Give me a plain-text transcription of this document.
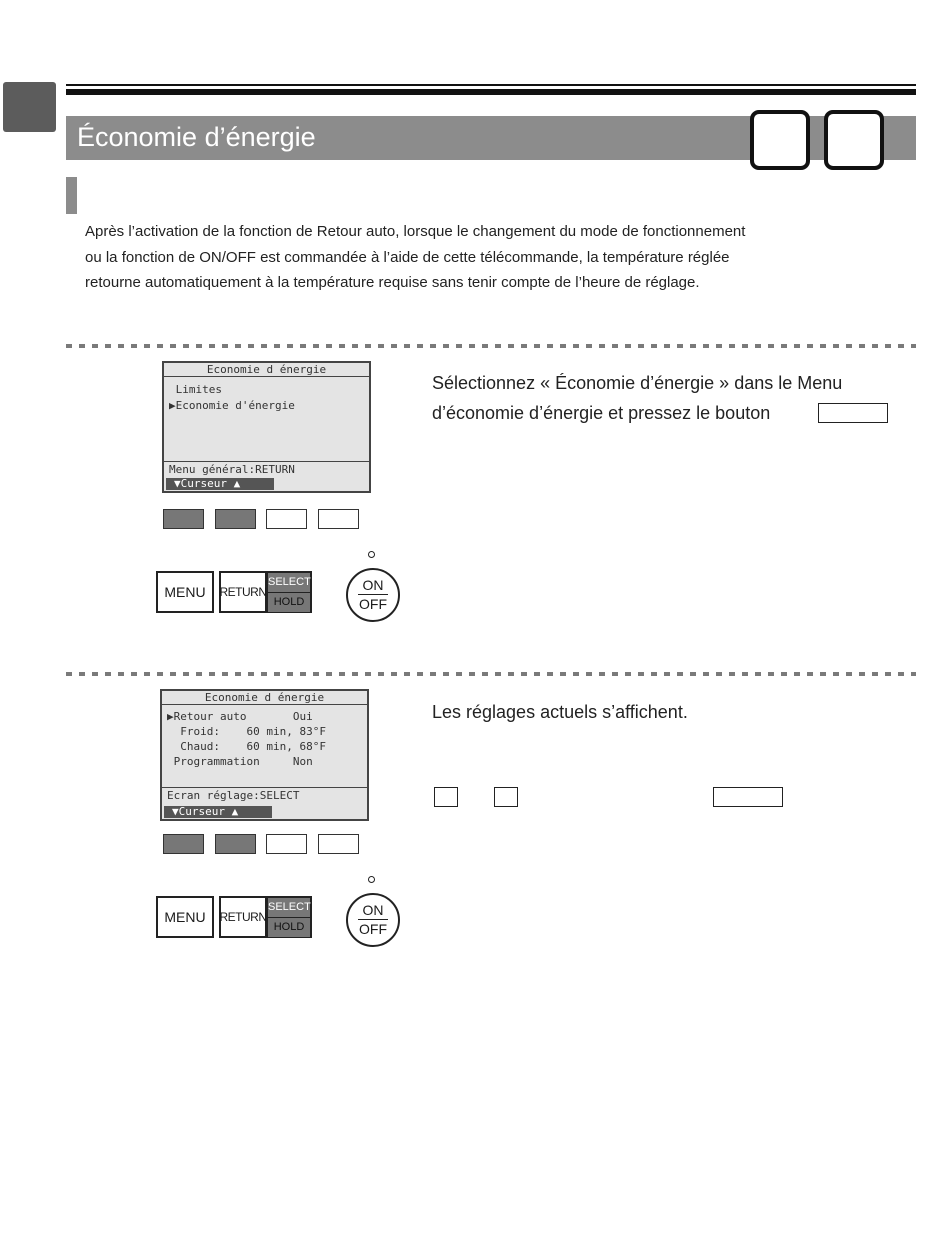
Économie d’énergie

Après l’activation de la fonction de Retour auto, lorsque le changement du mode de fonctionnement

ou la fonction de ON/OFF est commandée à l’aide de cette télécommande, la température réglée

retourne automatiquement à la température requise sans tenir compte de l’heure de réglage.

Economie d énergie
Limites
▶Economie d'énergie
Menu général:RETURN
▼Curseur ▲
MENU	RETURN
SELECT
HOLD
ON
OFF
Sélectionnez « Économie d’énergie » dans le Menu
d’économie d’énergie et pressez le bouton
Economie d énergie
▶Retour auto       Oui
Froid:    60 min, 83°F
Chaud:    60 min, 68°F
Programmation     Non
Ecran réglage:SELECT
▼Curseur ▲
MENU	RETURN
SELECT
HOLD
ON
OFF
Les réglages actuels s’affichent.
